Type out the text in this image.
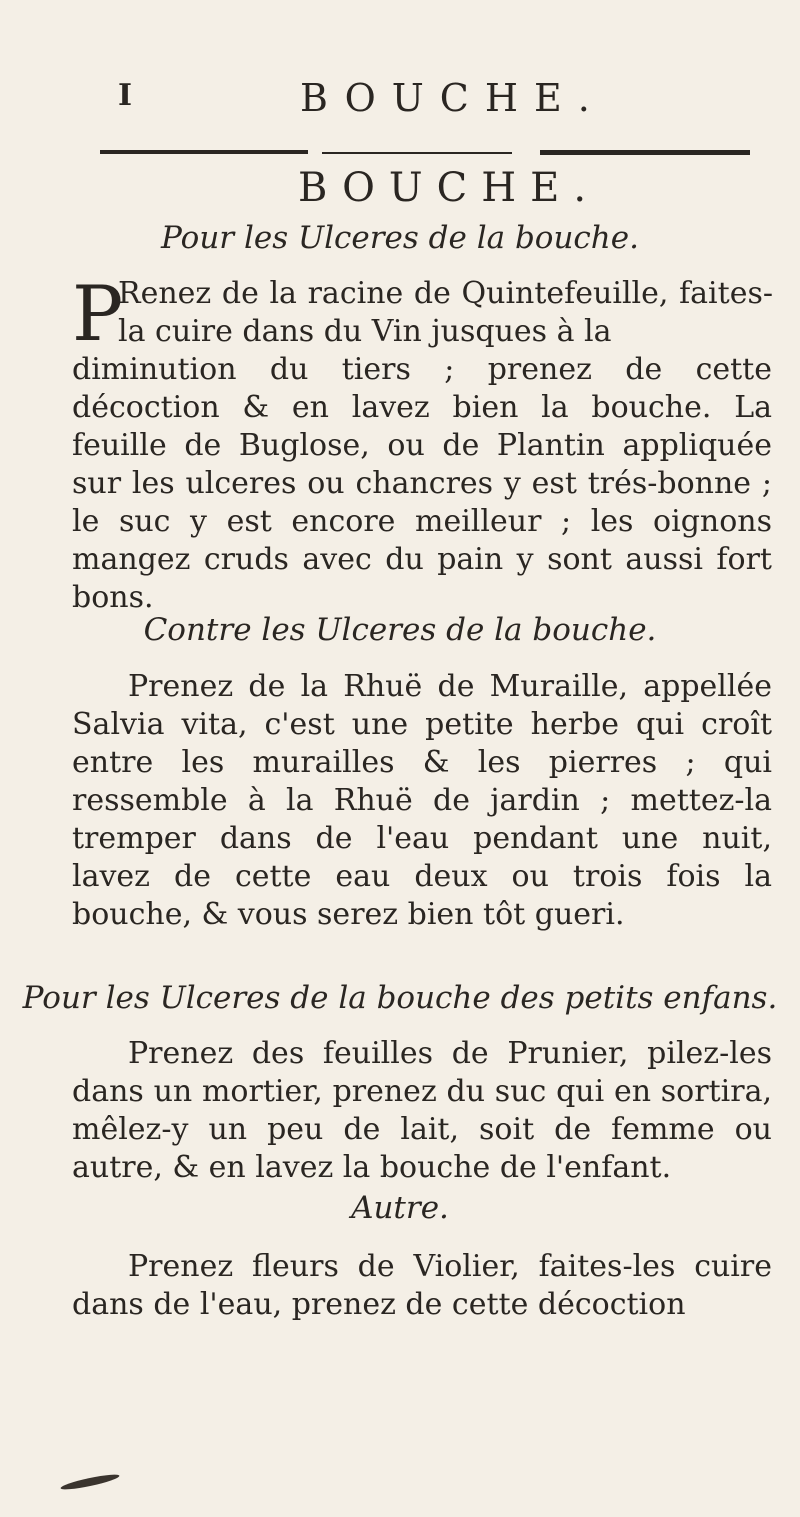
I	BOUCHE.
BOUCHE.
Pour les Ulceres de la bouche.
P
Renez de la racine de Quintefeuille, faites-la cuire dans du Vin jusques à la
diminution du tiers ; prenez de cette décoction & en lavez bien la bouche. La feuille de Buglose, ou de Plantin appliquée sur les ulceres ou chancres y est trés-bonne ; le suc y est encore meilleur ; les oignons mangez cruds avec du pain y sont aussi fort bons.
Contre les Ulceres de la bouche.
Prenez de la Rhuë de Muraille, appellée Salvia vita, c'est une petite herbe qui croît entre les murailles & les pierres ; qui ressemble à la Rhuë de jardin ; mettez-la tremper dans de l'eau pendant une nuit, lavez de cette eau deux ou trois fois la bouche, & vous serez bien tôt gueri.
Pour les Ulceres de la bouche des petits enfans.
Prenez des feuilles de Prunier, pilez-les dans un mortier, prenez du suc qui en sortira, mêlez-y un peu de lait, soit de femme ou autre, & en lavez la bouche de l'enfant.
Autre.
Prenez fleurs de Violier, faites-les cuire dans de l'eau, prenez de cette décoction
